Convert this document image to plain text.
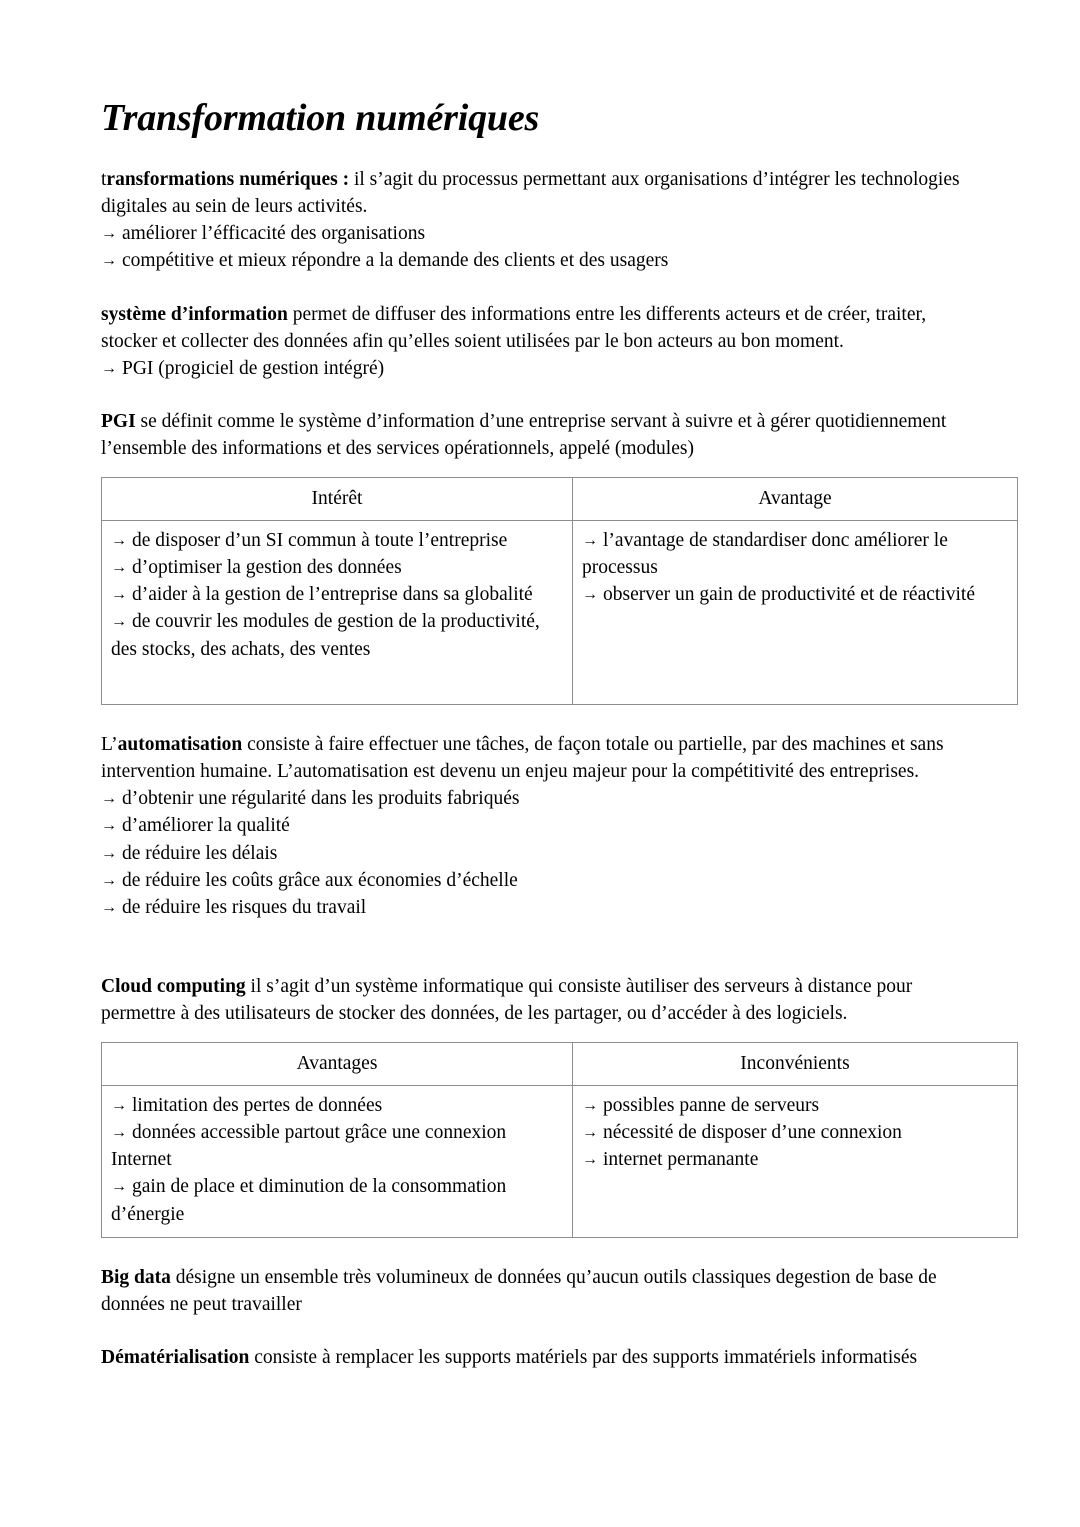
Transformation numériques

transformations numériques : il s’agit du processus permettant aux organisations d’intégrer les technologies digitales au sein de leurs activités.

→ améliorer l’éfficacité des organisations
→ compétitive et mieux répondre a la demande des clients et des usagers

système d’information permet de diffuser des informations entre les differents acteurs et de créer, traiter, stocker et collecter des données afin qu’elles soient utilisées par le bon acteurs au bon moment.

→ PGI (progiciel de gestion intégré)

PGI se définit comme le système d’information d’une entreprise servant à suivre et à gérer quotidiennement l’ensemble des informations et des services opérationnels, appelé (modules)

Intérêt	Avantage

→ de disposer d’un SI commun à toute l’entreprise
→ d’optimiser la gestion des données
→ d’aider à la gestion de l’entreprise dans sa globalité
→ de couvrir les modules de gestion de la productivité, des stocks, des achats, des ventes

→ l’avantage de standardiser donc améliorer le processus
→ observer un gain de productivité et de réactivité

L’automatisation consiste à faire effectuer une tâches, de façon totale ou partielle, par des machines et sans intervention humaine. L’automatisation est devenu un enjeu majeur pour la compétitivité des entreprises.

→ d’obtenir une régularité dans les produits fabriqués
→ d’améliorer la qualité
→ de réduire les délais
→ de réduire les coûts grâce aux économies d’échelle
→ de réduire les risques du travail

Cloud computing il s’agit d’un système informatique qui consiste àutiliser des serveurs à distance pour permettre à des utilisateurs de stocker des données, de les partager, ou d’accéder à des logiciels.

Avantages	Inconvénients

→ limitation des pertes de données
→ données accessible partout grâce une connexion Internet
→ gain de place et diminution de la consommation d’énergie

→ possibles panne de serveurs
→ nécessité de disposer d’une connexion
→ internet permanante

Big data désigne un ensemble très volumineux de données qu’aucun outils classiques degestion de base de données ne peut travailler

Dématérialisation consiste à remplacer les supports matériels par des supports immatériels informatisés
